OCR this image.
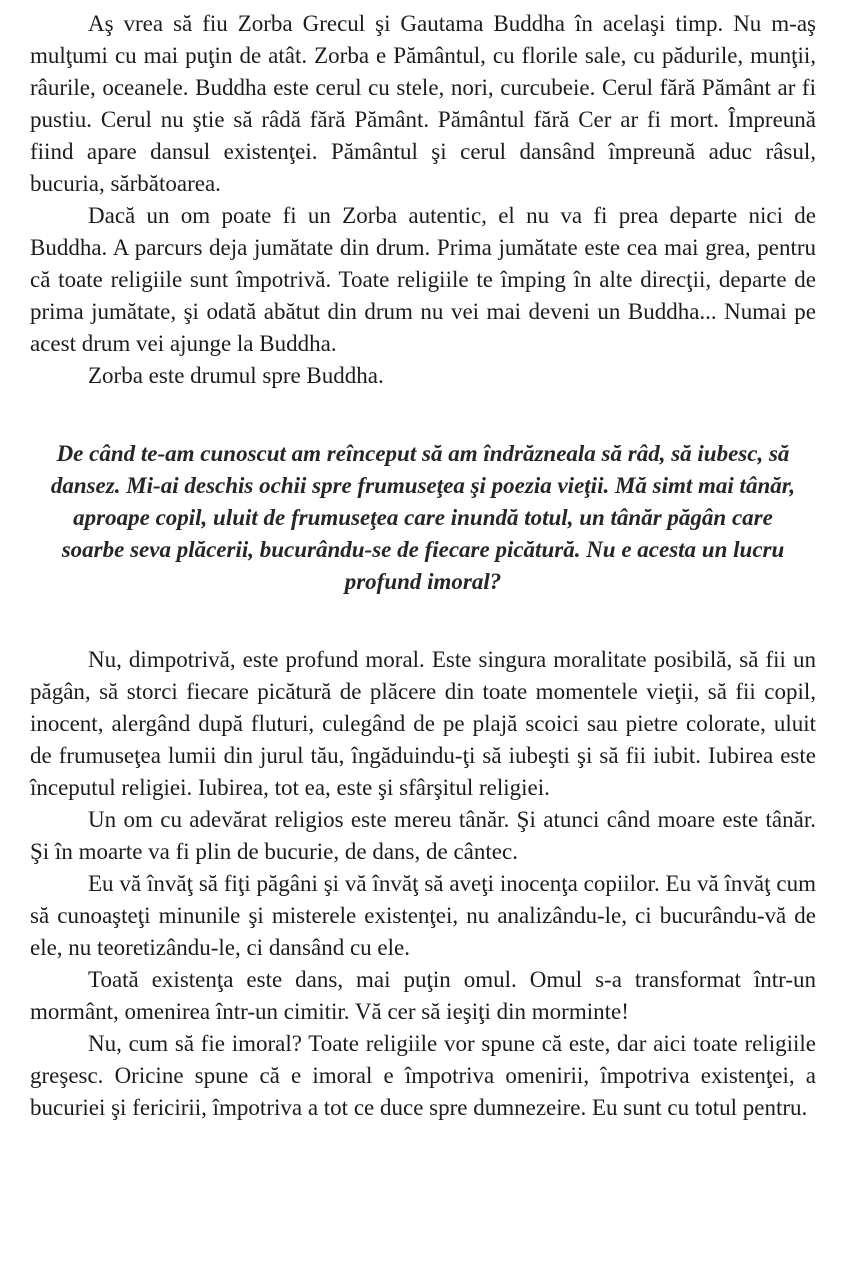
Aş vrea să fiu Zorba Grecul şi Gautama Buddha în acelaşi timp. Nu m-aş mulţumi cu mai puţin de atât. Zorba e Pământul, cu florile sale, cu pădurile, munţii, râurile, oceanele. Buddha este cerul cu stele, nori, curcubeie. Cerul fără Pământ ar fi pustiu. Cerul nu ştie să râdă fără Pământ. Pământul fără Cer ar fi mort. Împreună fiind apare dansul existenţei. Pământul şi cerul dansând împreună aduc râsul, bucuria, sărbătoarea.

Dacă un om poate fi un Zorba autentic, el nu va fi prea departe nici de Buddha. A parcurs deja jumătate din drum. Prima jumătate este cea mai grea, pentru că toate religiile sunt împotrivă. Toate religiile te împing în alte direcţii, departe de prima jumătate, şi odată abătut din drum nu vei mai deveni un Buddha... Numai pe acest drum vei ajunge la Buddha.

Zorba este drumul spre Buddha.

De când te-am cunoscut am reînceput să am îndrăzneala să râd, să iubesc, să dansez. Mi-ai deschis ochii spre frumuseţea şi poezia vieţii. Mă simt mai tânăr, aproape copil, uluit de frumuseţea care inundă totul, un tânăr păgân care soarbe seva plăcerii, bucurându-se de fiecare picătură. Nu e acesta un lucru profund imoral?

Nu, dimpotrivă, este profund moral. Este singura moralitate posibilă, să fii un păgân, să storci fiecare picătură de plăcere din toate momentele vieţii, să fii copil, inocent, alergând după fluturi, culegând de pe plajă scoici sau pietre colorate, uluit de frumuseţea lumii din jurul tău, îngăduindu-ţi să iubeşti şi să fii iubit. Iubirea este începutul religiei. Iubirea, tot ea, este şi sfârşitul religiei.

Un om cu adevărat religios este mereu tânăr. Şi atunci când moare este tânăr. Şi în moarte va fi plin de bucurie, de dans, de cântec.

Eu vă învăţ să fiţi păgâni şi vă învăţ să aveţi inocenţa copiilor. Eu vă învăţ cum să cunoaşteţi minunile şi misterele existenţei, nu analizându-le, ci bucurându-vă de ele, nu teoretizându-le, ci dansând cu ele.

Toată existenţa este dans, mai puţin omul. Omul s-a transformat într-un mormânt, omenirea într-un cimitir. Vă cer să ieşiţi din morminte!

Nu, cum să fie imoral? Toate religiile vor spune că este, dar aici toate religiile greşesc. Oricine spune că e imoral e împotriva omenirii, împotriva existenţei, a bucuriei şi fericirii, împotriva a tot ce duce spre dumnezeire. Eu sunt cu totul pentru.
